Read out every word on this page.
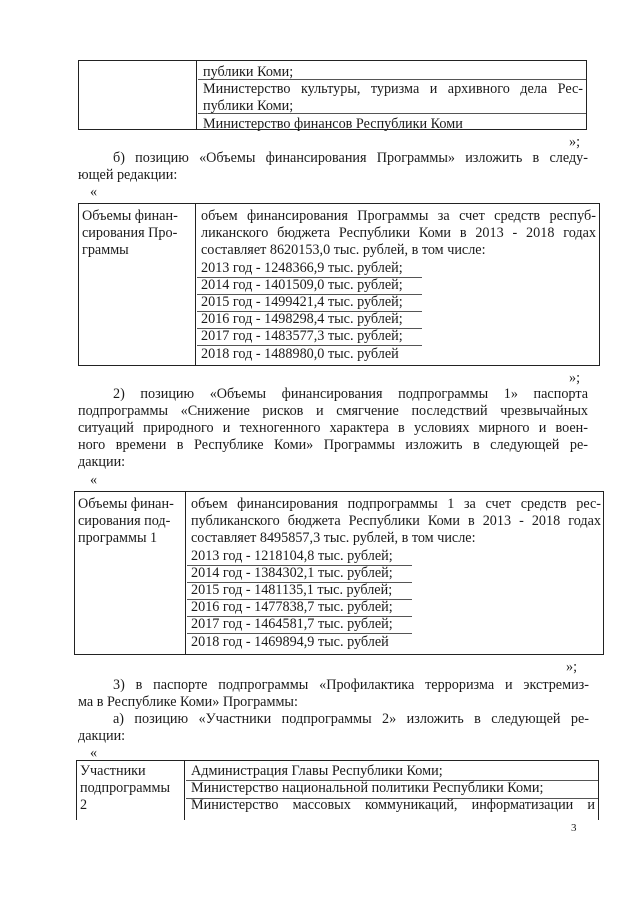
публики Коми;
Министерство культуры, туризма и архивного дела Рес-
публики Коми;
Министерство финансов Республики Коми
»;
б) позицию «Объемы финансирования Программы» изложить в следу-
ющей редакции:
«
Объемы финан-
сирования Про-
граммы
объем финансирования Программы за счет средств респуб-
ликанского бюджета Республики Коми в 2013 - 2018 годах
составляет 8620153,0 тыс. рублей, в том числе:
2013 год - 1248366,9 тыс. рублей;
2014 год - 1401509,0 тыс. рублей;
2015 год - 1499421,4 тыс. рублей;
2016 год - 1498298,4 тыс. рублей;
2017 год - 1483577,3 тыс. рублей;
2018 год - 1488980,0 тыс. рублей
»;
2) позицию «Объемы финансирования подпрограммы 1» паспорта
подпрограммы «Снижение рисков и смягчение последствий чрезвычайных
ситуаций природного и техногенного характера в условиях мирного и воен-
ного времени в Республике Коми» Программы изложить в следующей ре-
дакции:
«
Объемы финан-
сирования под-
программы 1
объем финансирования подпрограммы 1 за счет средств рес-
публиканского бюджета Республики Коми в 2013 - 2018 годах
составляет 8495857,3 тыс. рублей, в том числе:
2013 год - 1218104,8 тыс. рублей;
2014 год - 1384302,1 тыс. рублей;
2015 год - 1481135,1 тыс. рублей;
2016 год - 1477838,7 тыс. рублей;
2017 год - 1464581,7 тыс. рублей;
2018 год - 1469894,9 тыс. рублей
»;
3) в паспорте подпрограммы «Профилактика терроризма и экстремиз-
ма в Республике Коми» Программы:
а) позицию «Участники подпрограммы 2» изложить в следующей ре-
дакции:
«
Участники
подпрограммы
2
Администрация Главы Республики Коми;
Министерство национальной политики Республики Коми;
Министерство массовых коммуникаций, информатизации и
3
